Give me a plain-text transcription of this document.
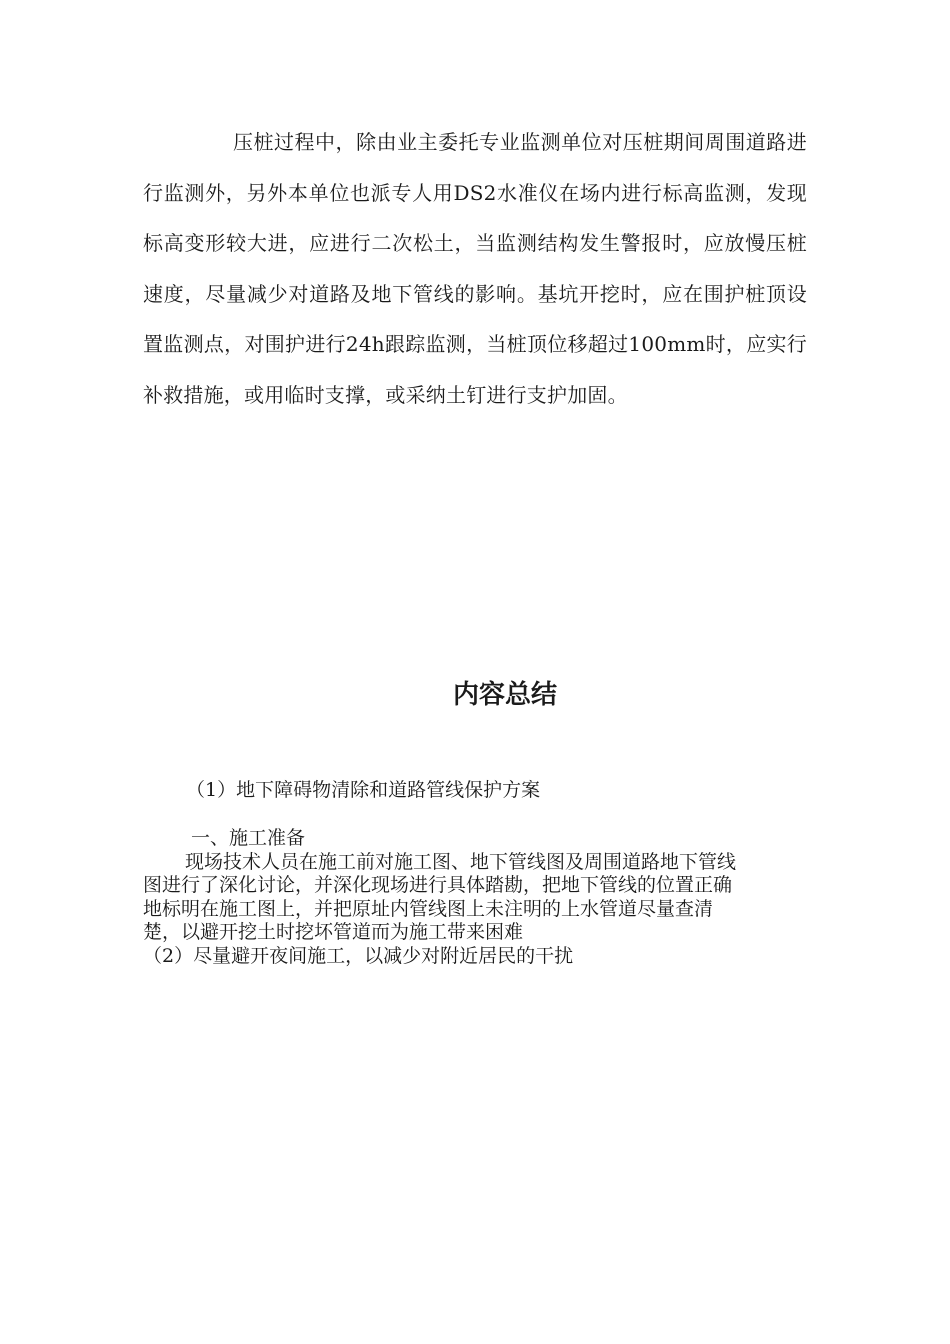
压桩过程中，除由业主委托专业监测单位对压桩期间周围道路进行监测外，另外本单位也派专人用DS2水准仪在场内进行标高监测，发现标高变形较大进，应进行二次松土，当监测结构发生警报时，应放慢压桩速度，尽量减少对道路及地下管线的影响。基坑开挖时，应在围护桩顶设置监测点，对围护进行24h跟踪监测，当桩顶位移超过100mm时，应实行补救措施，或用临时支撑，或采纳土钉进行支护加固。

内容总结

（1）地下障碍物清除和道路管线保护方案

一、施工准备
现场技术人员在施工前对施工图、地下管线图及周围道路地下管线
图进行了深化讨论，并深化现场进行具体踏勘，把地下管线的位置正确
地标明在施工图上，并把原址内管线图上未注明的上水管道尽量查清
楚，以避开挖土时挖坏管道而为施工带来困难
（2）尽量避开夜间施工，以减少对附近居民的干扰
